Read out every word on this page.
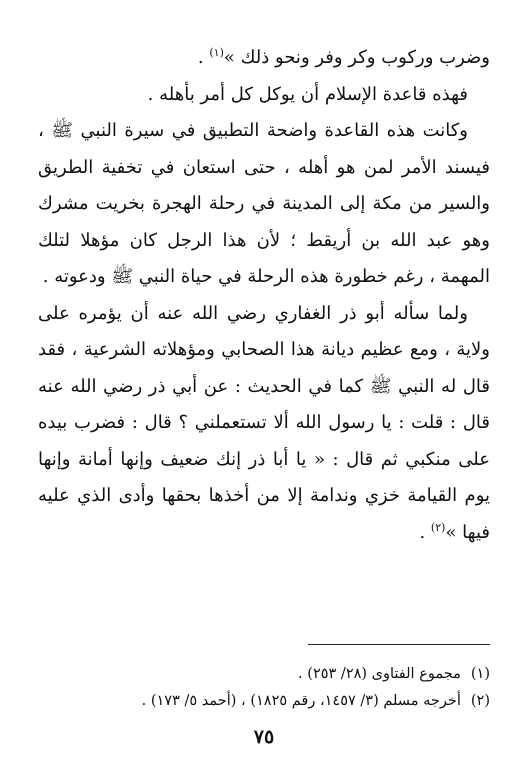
وضرب وركوب وكر وفر ونحو ذلك »$^{(١)}$ .

فهذه قاعدة الإسلام أن يوكل كل أمر بأهله .

وكانت هذه القاعدة واضحة التطبيق في سيرة النبي ﷺ ، فيسند الأمر لمن هو أهله ، حتى استعان في تخفية الطريق والسير من مكة إلى المدينة في رحلة الهجرة بخريت مشرك وهو عبد الله بن أريقط ؛ لأن هذا الرجل كان مؤهلا لتلك المهمة ، رغم خطورة هذه الرحلة في حياة النبي ﷺ ودعوته .

ولما سأله أبو ذر الغفاري رضي الله عنه أن يؤمره على ولاية ، ومع عظيم ديانة هذا الصحابي ومؤهلاته الشرعية ، فقد قال له النبي ﷺ كما في الحديث : عن أبي ذر رضي الله عنه قال : قلت : يا رسول الله ألا تستعملني ؟ قال : فضرب بيده على منكبي ثم قال : « يا أبا ذر إنك ضعيف وإنها أمانة وإنها يوم القيامة خزي وندامة إلا من أخذها بحقها وأدى الذي عليه فيها »$^{(٢)}$ .

(١)مجموع الفتاوى (٢٨/ ٢٥٣) .
(٢)أخرجه مسلم (٣/ ١٤٥٧، رقم ١٨٢٥) ، (أحمد ٥/ ١٧٣) .
٧٥
